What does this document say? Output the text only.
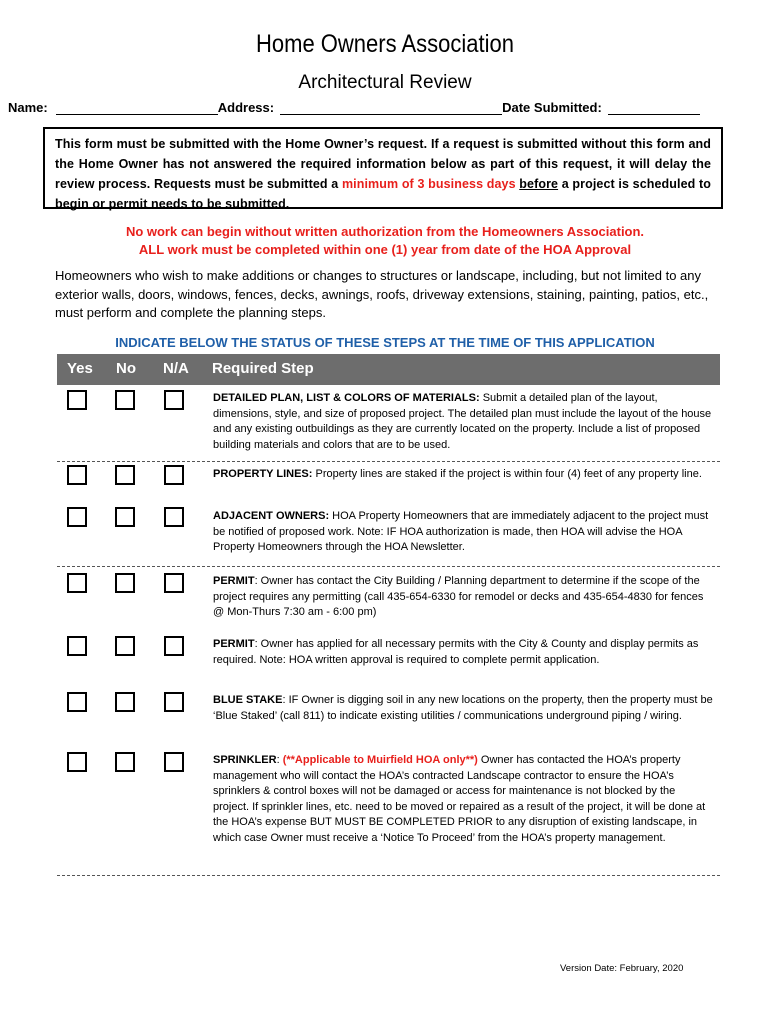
Home Owners Association
Architectural Review
Name:	Address:	Date Submitted:
This form must be submitted with the Home Owner’s request. If a request is submitted without this form and the Home Owner has not answered the required information below as part of this request, it will delay the review process. Requests must be submitted a minimum of 3 business days before a project is scheduled to begin or permit needs to be submitted.
No work can begin without written authorization from the Homeowners Association.
ALL work must be completed within one (1) year from date of the HOA Approval
Homeowners who wish to make additions or changes to structures or landscape, including, but not limited to any exterior walls, doors, windows, fences, decks, awnings, roofs, driveway extensions, staining, painting, patios, etc., must perform and complete the planning steps.
INDICATE BELOW THE STATUS OF THESE STEPS AT THE TIME OF THIS APPLICATION
Yes No N/A Required Step
DETAILED PLAN, LIST & COLORS OF MATERIALS: Submit a detailed plan of the layout, dimensions, style, and size of proposed project. The detailed plan must include the layout of the house and any existing outbuildings as they are currently located on the property. Include a list of proposed building materials and colors that are to be used.
PROPERTY LINES: Property lines are staked if the project is within four (4) feet of any property line.
ADJACENT OWNERS: HOA Property Homeowners that are immediately adjacent to the project must be notified of proposed work. Note: IF HOA authorization is made, then HOA will advise the HOA Property Homeowners through the HOA Newsletter.
PERMIT: Owner has contact the City Building / Planning department to determine if the scope of the project requires any permitting (call 435-654-6330 for remodel or decks and 435-654-4830 for fences @ Mon-Thurs 7:30 am - 6:00 pm)
PERMIT: Owner has applied for all necessary permits with the City & County and display permits as required. Note: HOA written approval is required to complete permit application.
BLUE STAKE: IF Owner is digging soil in any new locations on the property, then the property must be ‘Blue Staked’ (call 811) to indicate existing utilities / communications underground piping / wiring.
SPRINKLER: (**Applicable to Muirfield HOA only**) Owner has contacted the HOA’s property management who will contact the HOA’s contracted Landscape contractor to ensure the HOA’s sprinklers & control boxes will not be damaged or access for maintenance is not blocked by the project. If sprinkler lines, etc. need to be moved or repaired as a result of the project, it will be done at the HOA’s expense BUT MUST BE COMPLETED PRIOR to any disruption of existing landscape, in which case Owner must receive a ‘Notice To Proceed’ from the HOA’s property management.
Version Date: February, 2020
